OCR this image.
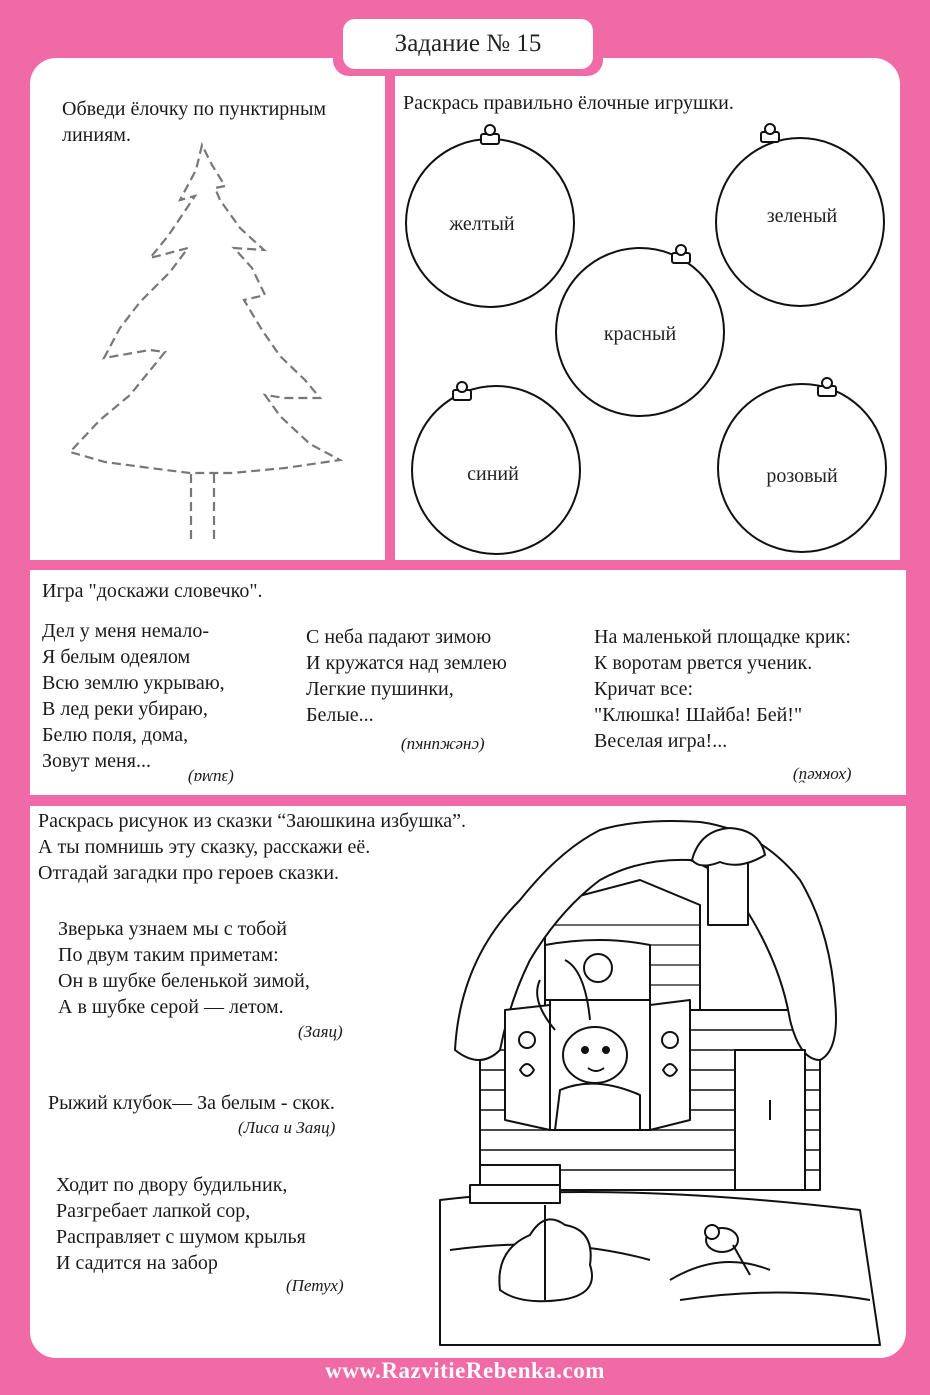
Задание № 15
Обведи ёлочку по пунктирным
линиям.
Раскрась правильно ёлочные игрушки.
желтый	зеленый
красный
синий	розовый
Игра "доскажи словечко".
Дел у меня немало-
Я белым одеялом
Всю землю укрываю,
В лед реки убираю,
Белю поля, дома,
Зовут меня...
(зима)
С неба падают зимою
И кружатся над землею
Легкие пушинки,
Белые...
(снежинки)
На маленькой площадке крик:
К воротам рвется ученик.
Кричат все:
"Клюшка! Шайба! Бей!"
Веселая игра!...
(хоккей)
Раскрась рисунок из сказки “Заюшкина избушка”.
А ты помнишь эту сказку, расскажи её.
Отгадай загадки про героев сказки.
Зверька узнаем мы с тобой
По двум таким приметам:
Он в шубке беленькой зимой,
А в шубке серой — летом.
(Заяц)
Рыжий клубок— За белым - скок.
(Лиса и Заяц)
Ходит по двору будильник,
Разгребает лапкой сор,
Расправляет с шумом крылья
И садится на забор
(Петух)
www.RazvitieRebenka.com
